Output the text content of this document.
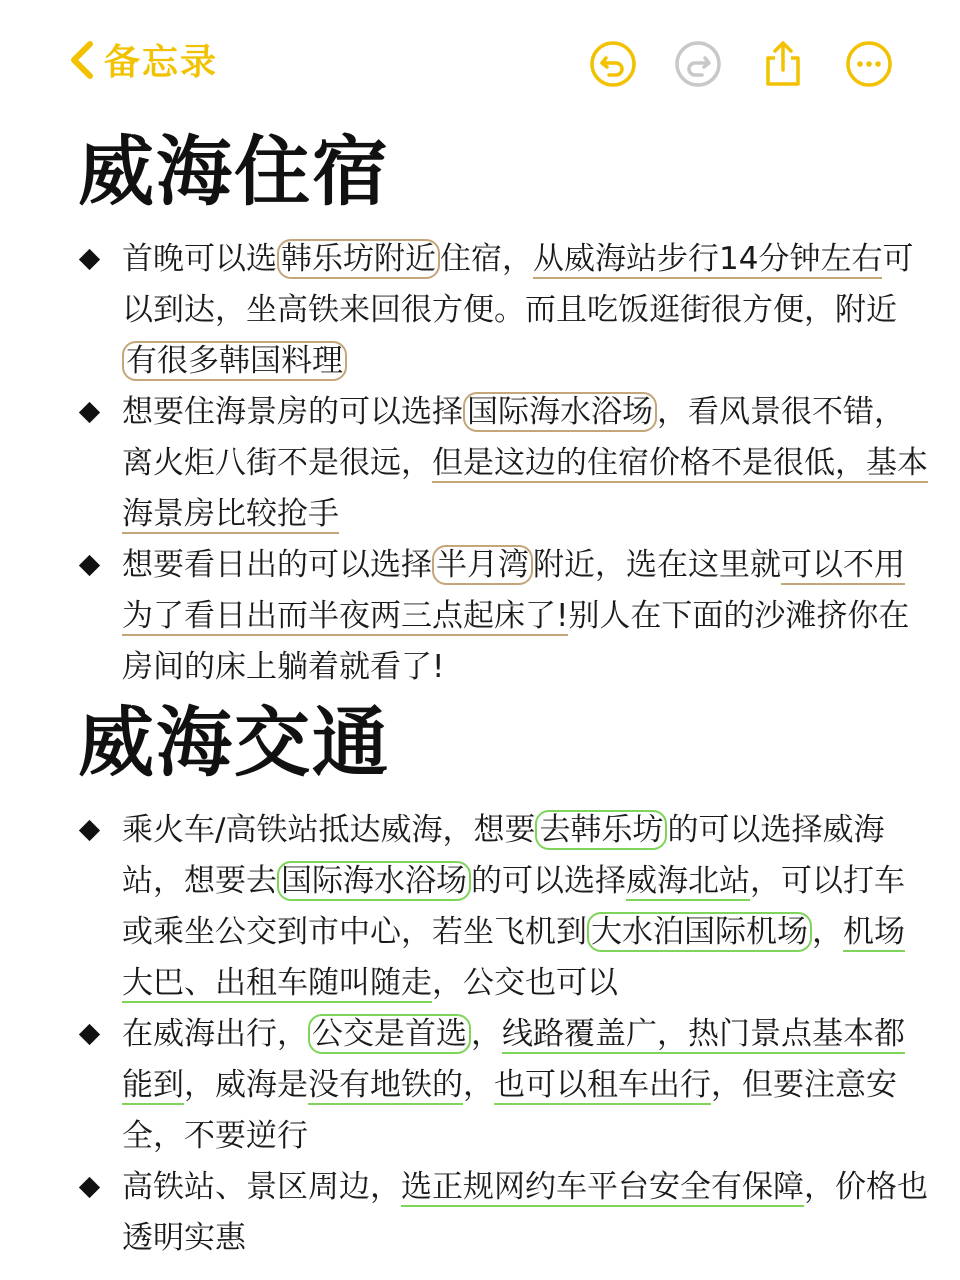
备忘录
威海住宿
首晚可以选 韩乐坊附近 住宿，从威海站步行14分钟左右可以到达，坐高铁来回很方便。而且吃饭逛街很方便，附近有很多韩国料理
想要住海景房的可以选择 国际海水浴场 ，看风景很不错，离火炬八街不是很远，但是这边的住宿价格不是很低，基本海景房比较抢手
想要看日出的可以选择 半月湾 附近，选在这里就可以不用为了看日出而半夜两三点起床了!别人在下面的沙滩挤你在房间的床上躺着就看了!
威海交通
乘火车/高铁站抵达威海，想要 去韩乐坊 的可以选择威海站，想要去 国际海水浴场 的可以选择威海北站，可以打车或乘坐公交到市中心，若坐飞机到 大水泊国际机场 ，机场大巴、出租车随叫随走，公交也可以
在威海出行， 公交是首选 ，线路覆盖广，热门景点基本都能到，威海是没有地铁的，也可以租车出行，但要注意安全，不要逆行
高铁站、景区周边，选正规网约车平台安全有保障，价格也透明实惠
